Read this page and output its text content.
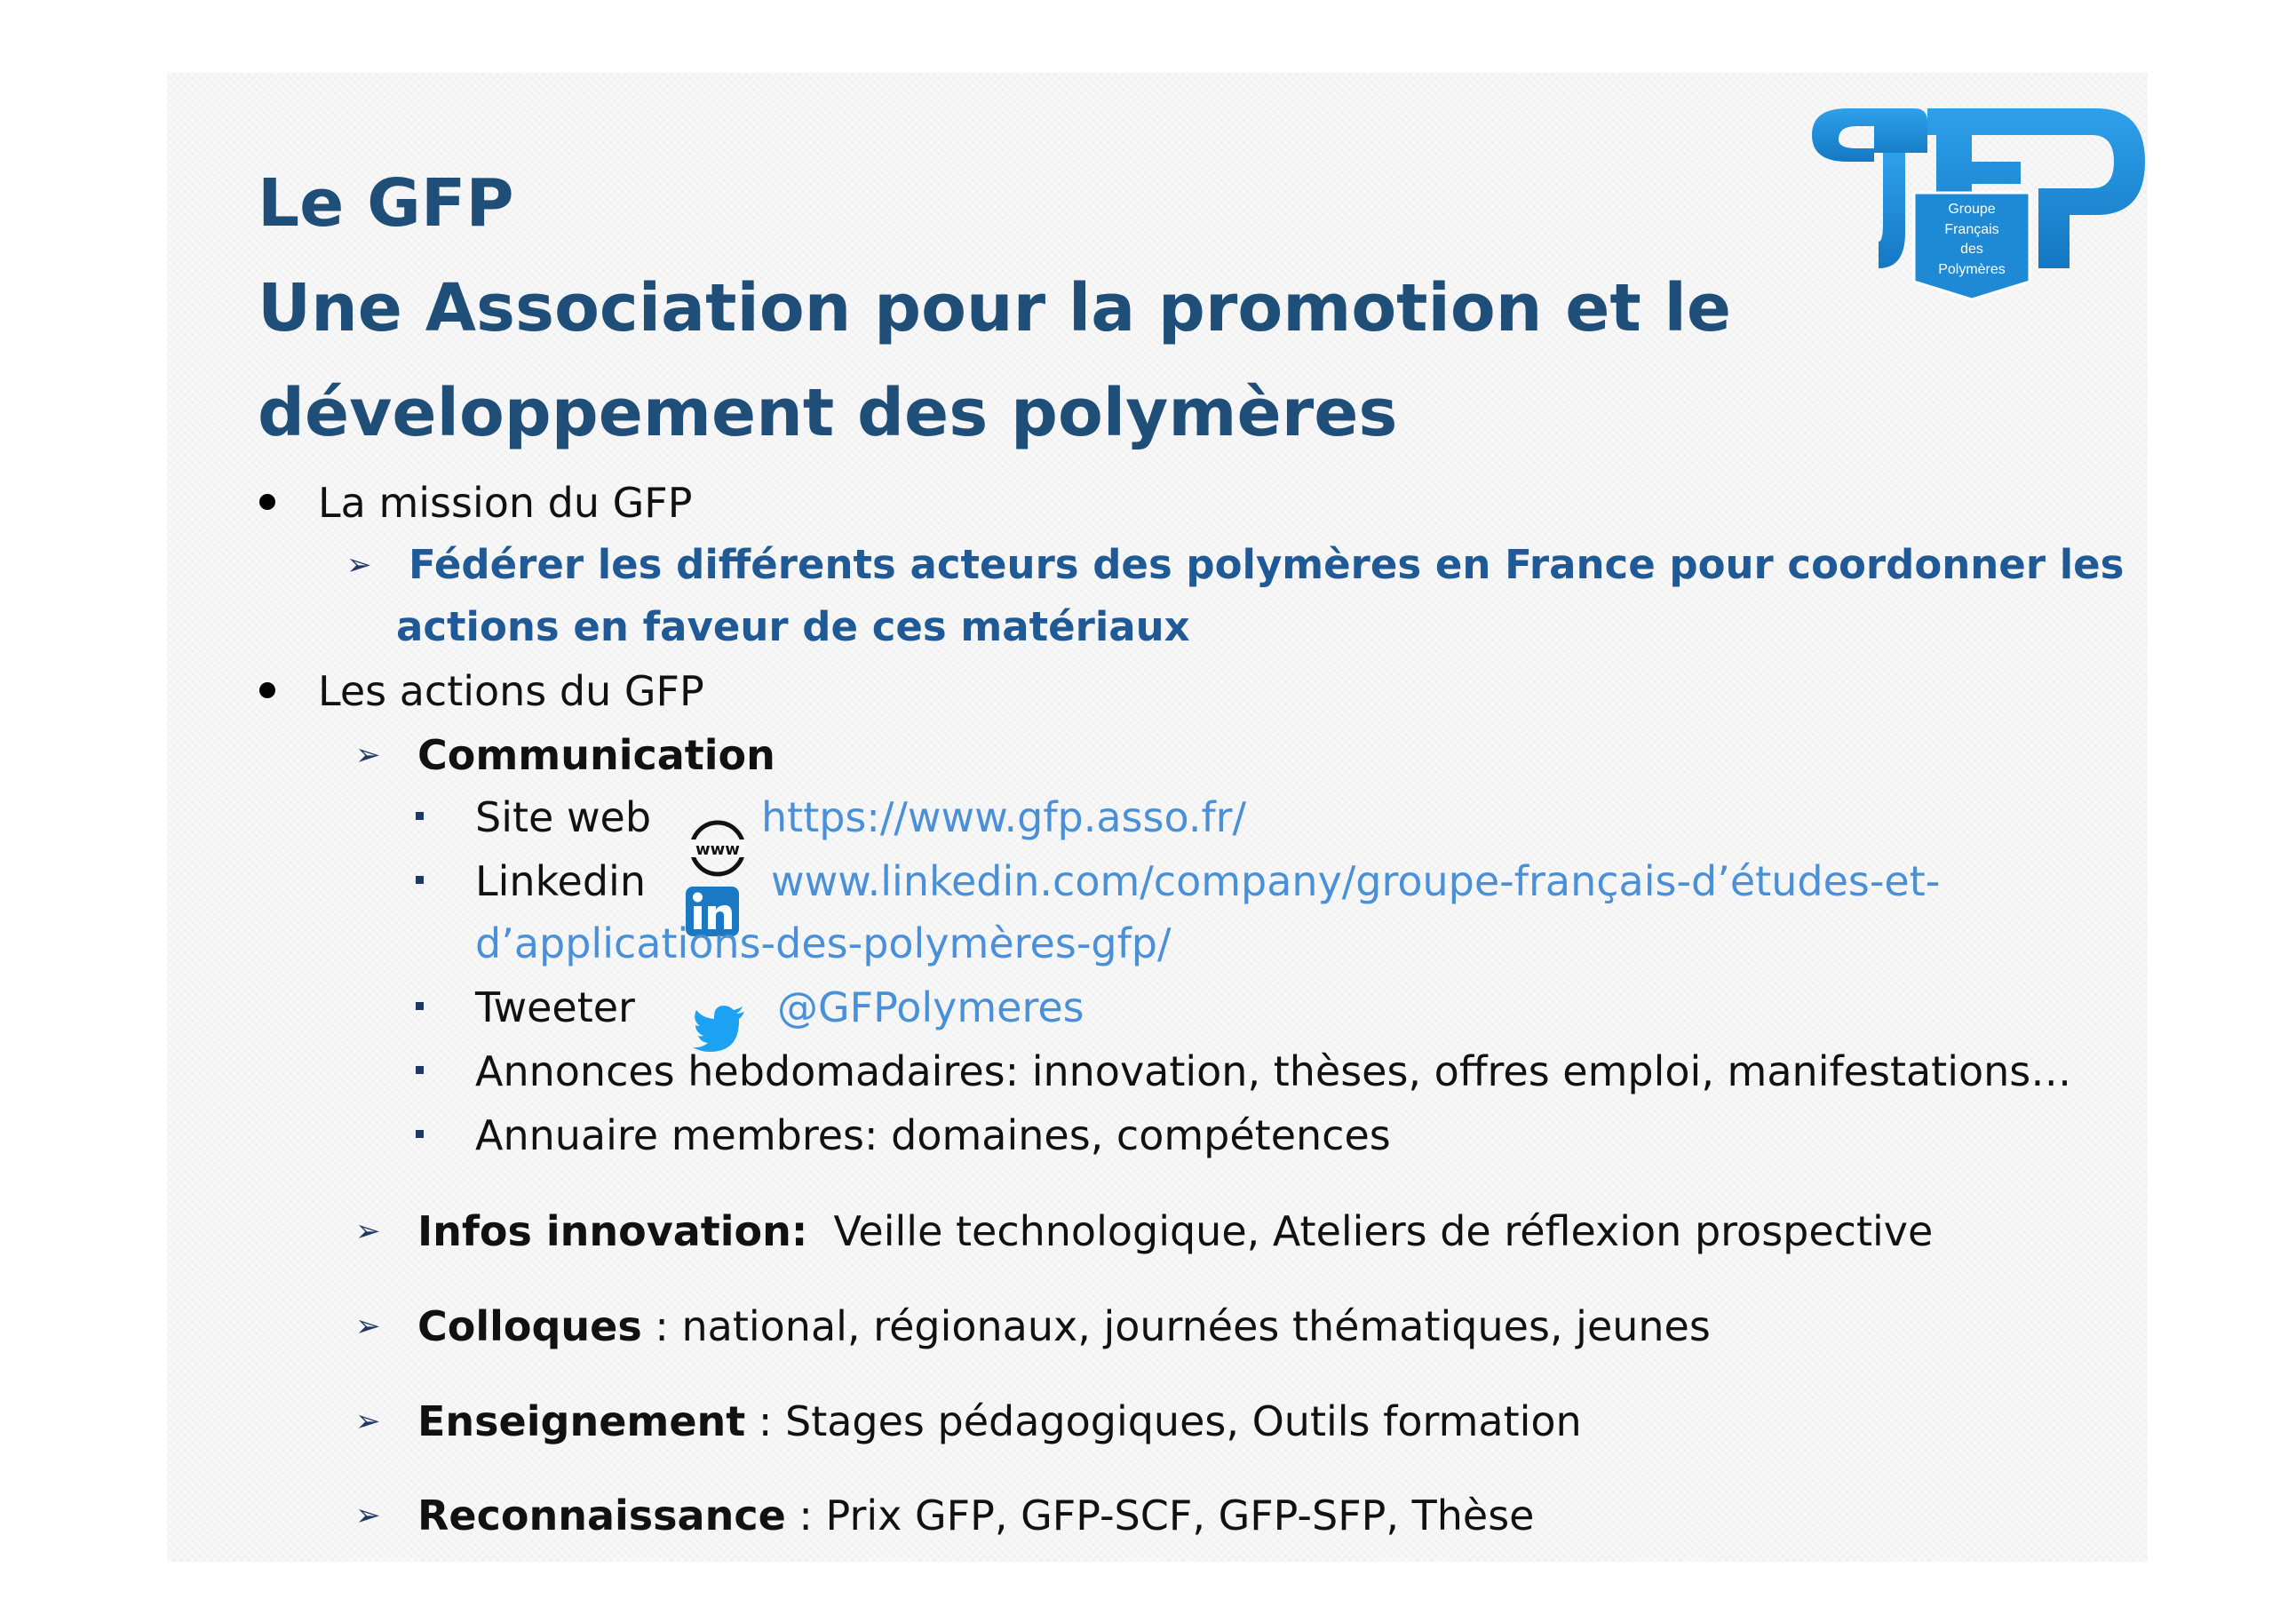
Groupe
Français
des
Polymères
Le GFP
Une Association pour la promotion et le
développement des polymères
La mission du GFP
➢ Fédérer les différents acteurs des polymères en France pour coordonner les
actions en faveur de ces matériaux
Les actions du GFP
➢ Communication
Site web
www
https://www.gfp.asso.fr/
Linkedin	www.linkedin.com/company/groupe-français-d’études-et-
d’applications-des-polymères-gfp/
Tweeter	@GFPolymeres
Annonces hebdomadaires: innovation, thèses, offres emploi, manifestations…
Annuaire membres: domaines, compétences
➢ Infos innovation: Veille technologique, Ateliers de réflexion prospective
➢ Colloques : national, régionaux, journées thématiques, jeunes
➢ Enseignement : Stages pédagogiques, Outils formation
➢ Reconnaissance : Prix GFP, GFP-SCF, GFP-SFP, Thèse
